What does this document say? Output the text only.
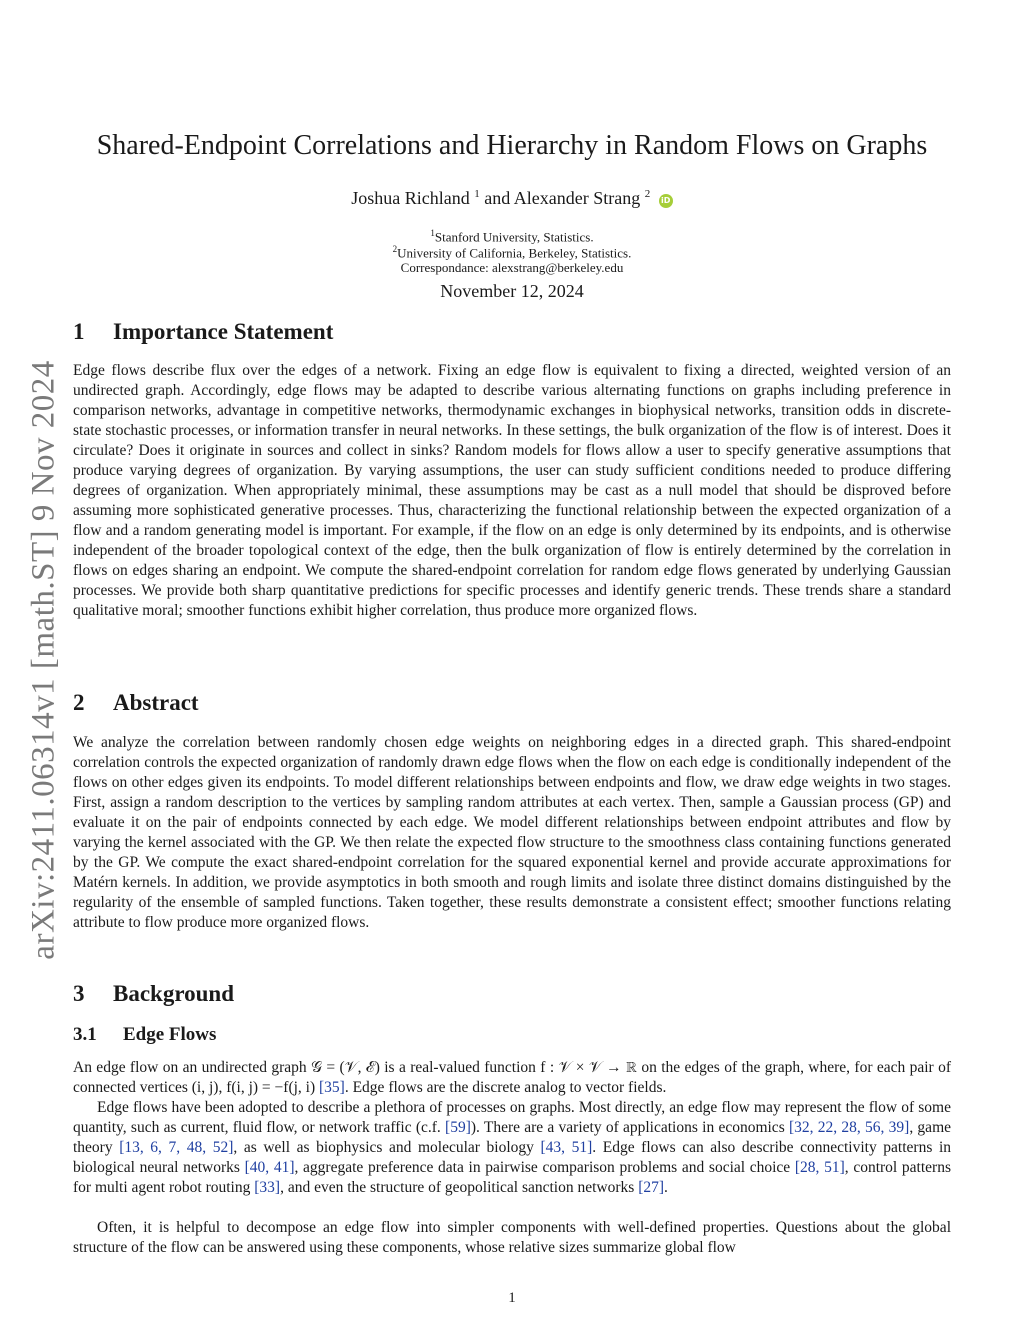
arXiv:2411.06314v1 [math.ST] 9 Nov 2024
Shared-Endpoint Correlations and Hierarchy in Random Flows on Graphs
Joshua Richland $^1$ and Alexander Strang $^2$ iD
$^1$Stanford University, Statistics.
$^2$University of California, Berkeley, Statistics.
Correspondance: alexstrang@berkeley.edu
November 12, 2024
1 Importance Statement
Edge flows describe flux over the edges of a network. Fixing an edge flow is equivalent to fixing a directed, weighted version of an undirected graph. Accordingly, edge flows may be adapted to describe various alternating functions on graphs including preference in comparison networks, advantage in competitive networks, thermodynamic exchanges in biophysical networks, transition odds in discrete-state stochastic processes, or information transfer in neural networks. In these settings, the bulk organization of the flow is of interest. Does it circulate? Does it originate in sources and collect in sinks? Random models for flows allow a user to specify generative assumptions that produce varying degrees of organization. By varying assumptions, the user can study sufficient conditions needed to produce differing degrees of organization. When appropriately minimal, these assumptions may be cast as a null model that should be disproved before assuming more sophisticated generative processes. Thus, characterizing the functional relationship between the expected organization of a flow and a random generating model is important. For example, if the flow on an edge is only determined by its endpoints, and is otherwise independent of the broader topological context of the edge, then the bulk organization of flow is entirely determined by the correlation in flows on edges sharing an endpoint. We compute the shared-endpoint correlation for random edge flows generated by underlying Gaussian processes. We provide both sharp quantitative predictions for specific processes and identify generic trends. These trends share a standard qualitative moral; smoother functions exhibit higher correlation, thus produce more organized flows.
2 Abstract
We analyze the correlation between randomly chosen edge weights on neighboring edges in a directed graph. This shared-endpoint correlation controls the expected organization of randomly drawn edge flows when the flow on each edge is conditionally independent of the flows on other edges given its endpoints. To model different relationships between endpoints and flow, we draw edge weights in two stages. First, assign a random description to the vertices by sampling random attributes at each vertex. Then, sample a Gaussian process (GP) and evaluate it on the pair of endpoints connected by each edge. We model different relationships between endpoint attributes and flow by varying the kernel associated with the GP. We then relate the expected flow structure to the smoothness class containing functions generated by the GP. We compute the exact shared-endpoint correlation for the squared exponential kernel and provide accurate approximations for Matérn kernels. In addition, we provide asymptotics in both smooth and rough limits and isolate three distinct domains distinguished by the regularity of the ensemble of sampled functions. Taken together, these results demonstrate a consistent effect; smoother functions relating attribute to flow produce more organized flows.
3 Background
3.1 Edge Flows
An edge flow on an undirected graph 𝒢 = (𝒱, ℰ) is a real-valued function f : 𝒱 × 𝒱 → ℝ on the edges of the graph, where, for each pair of connected vertices (i, j), f(i, j) = −f(j, i) [35]. Edge flows are the discrete analog to vector fields.
Edge flows have been adopted to describe a plethora of processes on graphs. Most directly, an edge flow may represent the flow of some quantity, such as current, fluid flow, or network traffic (c.f. [59]). There are a variety of applications in economics [32, 22, 28, 56, 39], game theory [13, 6, 7, 48, 52], as well as biophysics and molecular biology [43, 51]. Edge flows can also describe connectivity patterns in biological neural networks [40, 41], aggregate preference data in pairwise comparison problems and social choice [28, 51], control patterns for multi agent robot routing [33], and even the structure of geopolitical sanction networks [27].
Often, it is helpful to decompose an edge flow into simpler components with well-defined properties. Questions about the global structure of the flow can be answered using these components, whose relative sizes summarize global flow
1
